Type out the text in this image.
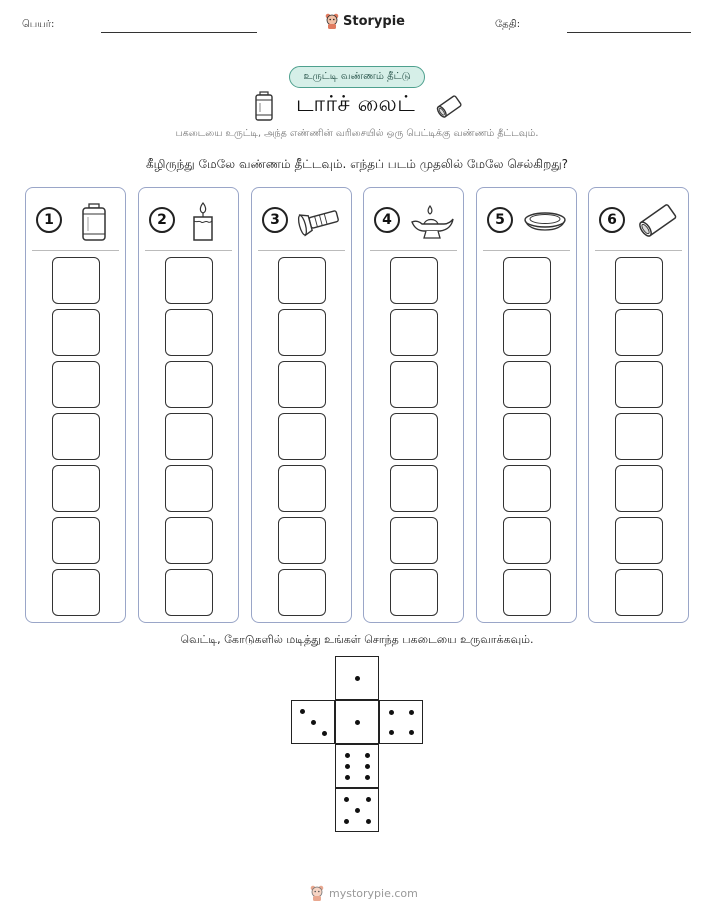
பெயர்:	Storypie	தேதி:
உருட்டி வண்ணம் தீட்டு
டார்ச் லைட்
பகடையை உருட்டி, அந்த எண்ணின் வரிசையில் ஒரு பெட்டிக்கு வண்ணம் தீட்டவும்.
கீழிருந்து மேலே வண்ணம் தீட்டவும். எந்தப் படம் முதலில் மேலே செல்கிறது?
1	2	3	4	5	6
வெட்டி, கோடுகளில் மடித்து உங்கள் சொந்த பகடையை உருவாக்கவும்.
mystorypie.com
